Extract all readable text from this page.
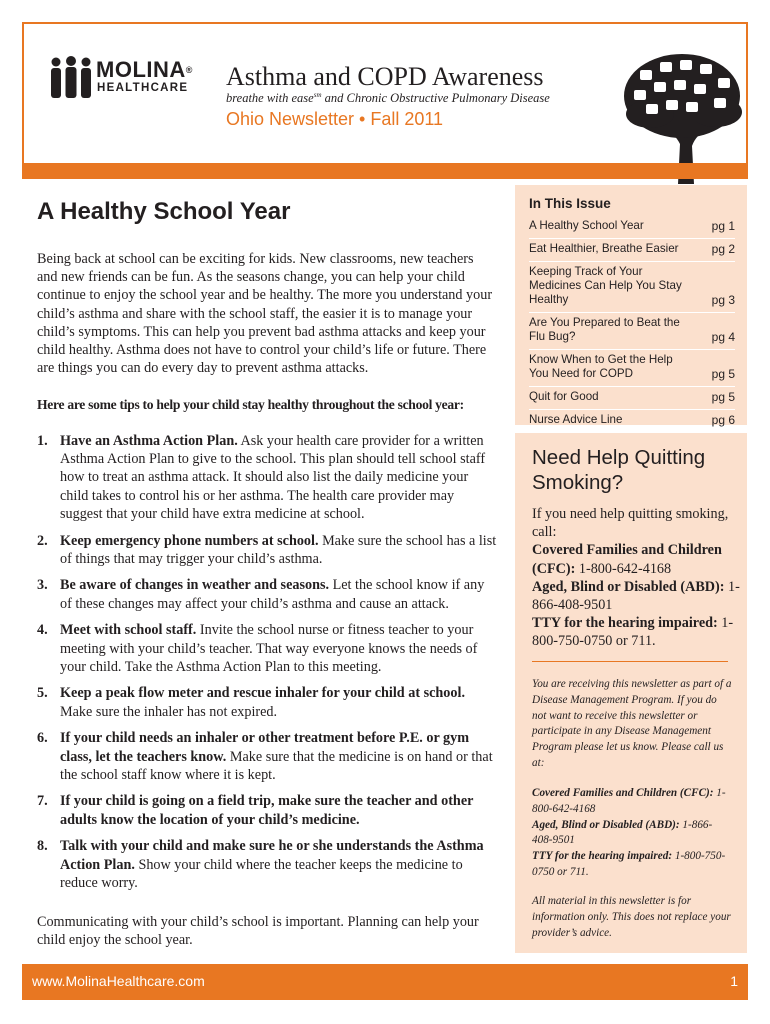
MOLINA®
HEALTHCARE Asthma and COPD Awareness
breathe with ease$^{sm}$ and Chronic Obstructive Pulmonary Disease
Ohio Newsletter • Fall 2011
A Healthy School Year

Being back at school can be exciting for kids. New classrooms, new teachers and new friends can be fun. As the seasons change, you can help your child continue to enjoy the school year and be healthy. The more you understand your child’s asthma and share with the school staff, the easier it is to manage your child’s symptoms. This can help you prevent bad asthma attacks and keep your child healthy. Asthma does not have to control your child’s life or future. There are things you can do every day to prevent asthma attacks.

Here are some tips to help your child stay healthy throughout the school year:

1. Have an Asthma Action Plan. Ask your health care provider for a written Asthma Action Plan to give to the school. This plan should tell school staff how to treat an asthma attack. It should also list the daily medicine your child takes to control his or her asthma. The health care provider may suggest that your child have extra medicine at school.
2. Keep emergency phone numbers at school. Make sure the school has a list of things that may trigger your child’s asthma.
3. Be aware of changes in weather and seasons. Let the school know if any of these changes may affect your child’s asthma and cause an attack.
4. Meet with school staff. Invite the school nurse or fitness teacher to your meeting with your child’s teacher. That way everyone knows the needs of your child. Take the Asthma Action Plan to this meeting.
5. Keep a peak flow meter and rescue inhaler for your child at school. Make sure the inhaler has not expired.
6. If your child needs an inhaler or other treatment before P.E. or gym class, let the teachers know. Make sure that the medicine is on hand or that the school staff know where it is kept.
7. If your child is going on a field trip, make sure the teacher and other adults know the location of your child’s medicine.
8. Talk with your child and make sure he or she understands the Asthma Action Plan. Show your child where the teacher keeps the medicine to reduce worry.

Communicating with your child’s school is important. Planning can help your child enjoy the school year.

In This Issue
A Healthy School Year	pg 1
Eat Healthier, Breathe Easier	pg 2
Keeping Track of Your Medicines Can Help You Stay Healthy	pg 3
Are You Prepared to Beat the Flu Bug?	pg 4
Know When to Get the Help You Need for COPD	pg 5
Quit for Good	pg 5
Nurse Advice Line	pg 6
Need Help Quitting Smoking?
If you need help quitting smoking, call:
Covered Families and Children (CFC): 1-800-642-4168
Aged, Blind or Disabled (ABD): 1-866-408-9501
TTY for the hearing impaired: 1-800-750-0750 or 711.

You are receiving this newsletter as part of a Disease Management Program. If you do not want to receive this newsletter or participate in any Disease Management Program please let us know. Please call us at:

Covered Families and Children (CFC): 1-800-642-4168
Aged, Blind or Disabled (ABD): 1-866-408-9501
TTY for the hearing impaired: 1-800-750-0750 or 711.

All material in this newsletter is for information only. This does not replace your provider’s advice.

www.MolinaHealthcare.com	1
